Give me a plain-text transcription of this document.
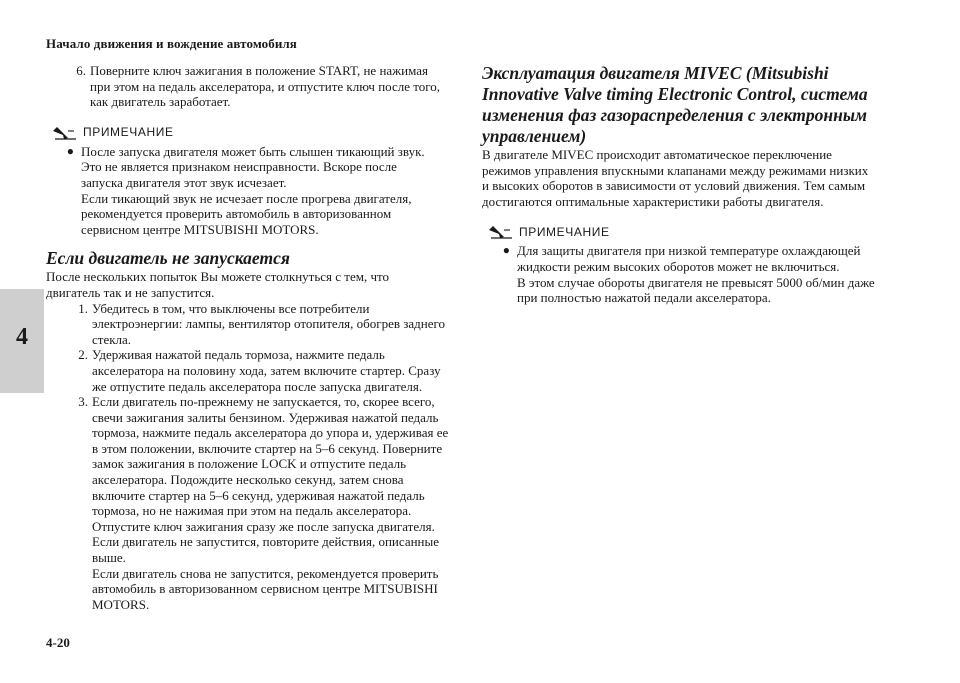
Начало движения и вождение автомобиля
4
4-20
6. Поверните ключ зажигания в положение START, не нажимая
при этом на педаль акселератора, и отпустите ключ после того,
как двигатель заработает.
ПРИМЕЧАНИЕ
● После запуска двигателя может быть слышен тикающий звук.
Это не является признаком неисправности. Вскоре после
запуска двигателя этот звук исчезает.
Если тикающий звук не исчезает после прогрева двигателя,
рекомендуется проверить автомобиль в авторизованном
сервисном центре MITSUBISHI MOTORS.
Если двигатель не запускается
После нескольких попыток Вы можете столкнуться с тем, что
двигатель так и не запустится.
1. Убедитесь в том, что выключены все потребители
электроэнергии: лампы, вентилятор отопителя, обогрев заднего
стекла.
2. Удерживая нажатой педаль тормоза, нажмите педаль
акселератора на половину хода, затем включите стартер. Сразу
же отпустите педаль акселератора после запуска двигателя.
3. Если двигатель по-прежнему не запускается, то, скорее всего,
свечи зажигания залиты бензином. Удерживая нажатой педаль
тормоза, нажмите педаль акселератора до упора и, удерживая ее
в этом положении, включите стартер на 5–6 секунд. Поверните
замок зажигания в положение LOCK и отпустите педаль
акселератора. Подождите несколько секунд, затем снова
включите стартер на 5–6 секунд, удерживая нажатой педаль
тормоза, но не нажимая при этом на педаль акселератора.
Отпустите ключ зажигания сразу же после запуска двигателя.
Если двигатель не запустится, повторите действия, описанные
выше.
Если двигатель снова не запустится, рекомендуется проверить
автомобиль в авторизованном сервисном центре MITSUBISHI
MOTORS.
Эксплуатация двигателя MIVEC (Mitsubishi
Innovative Valve timing Electronic Control, система
изменения фаз газораспределения с электронным
управлением)
В двигателе MIVEC происходит автоматическое переключение
режимов управления впускными клапанами между режимами низких
и высоких оборотов в зависимости от условий движения. Тем самым
достигаются оптимальные характеристики работы двигателя.
ПРИМЕЧАНИЕ
● Для защиты двигателя при низкой температуре охлаждающей
жидкости режим высоких оборотов может не включиться.
В этом случае обороты двигателя не превысят 5000 об/мин даже
при полностью нажатой педали акселератора.
